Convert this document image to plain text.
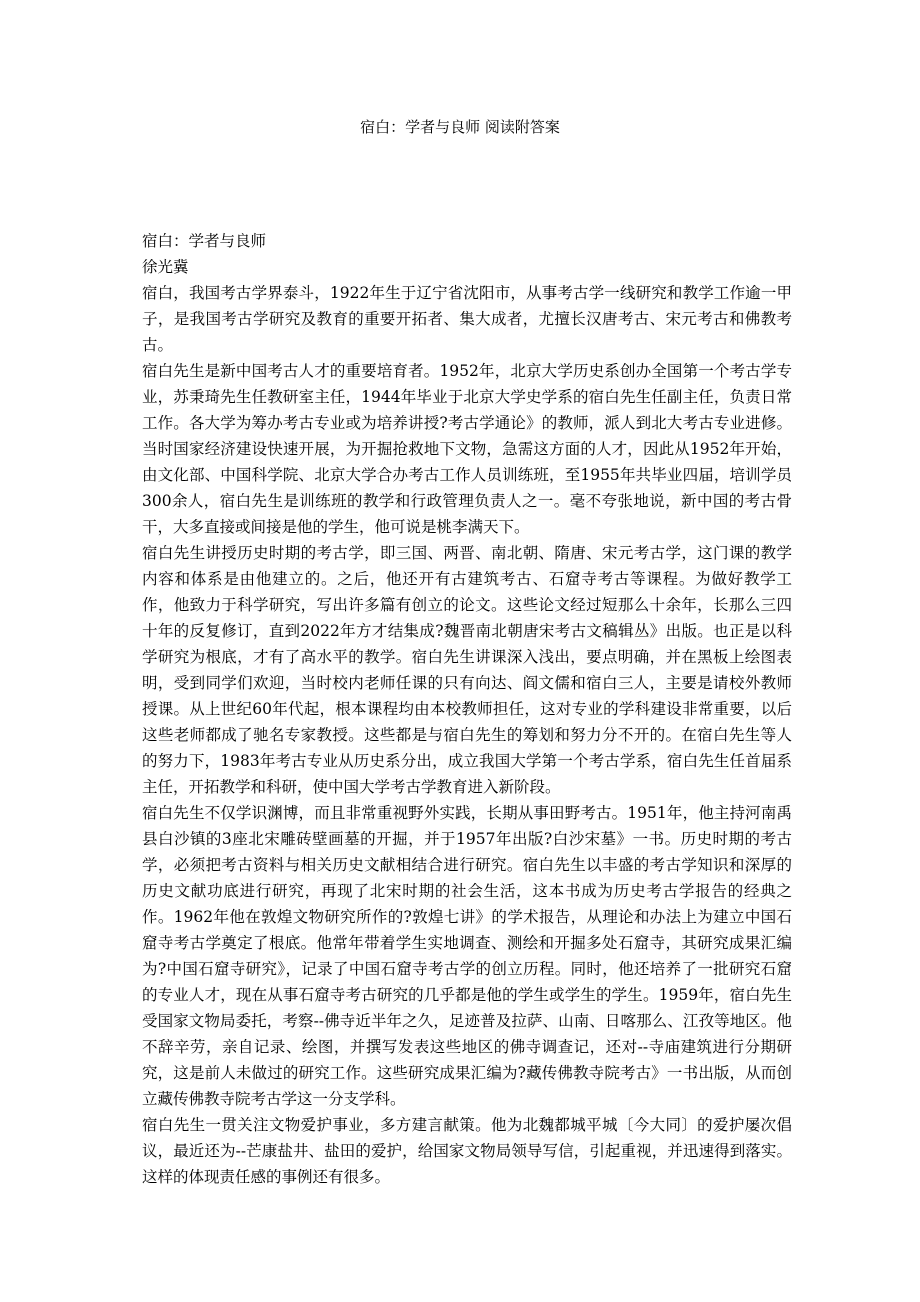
宿白：学者与良师 阅读附答案

宿白：学者与良师

徐光冀

宿白，我国考古学界泰斗，1922年生于辽宁省沈阳市，从事考古学一线研究和教学工作逾一甲子，是我国考古学研究及教育的重要开拓者、集大成者，尤擅长汉唐考古、宋元考古和佛教考古。

宿白先生是新中国考古人才的重要培育者。1952年，北京大学历史系创办全国第一个考古学专业，苏秉琦先生任教研室主任，1944年毕业于北京大学史学系的宿白先生任副主任，负责日常工作。各大学为筹办考古专业或为培养讲授?考古学通论》的教师，派人到北大考古专业进修。当时国家经济建设快速开展，为开掘抢救地下文物，急需这方面的人才，因此从1952年开始，由文化部、中国科学院、北京大学合办考古工作人员训练班，至1955年共毕业四届，培训学员300余人，宿白先生是训练班的教学和行政管理负责人之一。毫不夸张地说，新中国的考古骨干，大多直接或间接是他的学生，他可说是桃李满天下。

宿白先生讲授历史时期的考古学，即三国、两晋、南北朝、隋唐、宋元考古学，这门课的教学内容和体系是由他建立的。之后，他还开有古建筑考古、石窟寺考古等课程。为做好教学工作，他致力于科学研究，写出许多篇有创立的论文。这些论文经过短那么十余年，长那么三四十年的反复修订，直到2022年方才结集成?魏晋南北朝唐宋考古文稿辑丛》出版。也正是以科学研究为根底，才有了高水平的教学。宿白先生讲课深入浅出，要点明确，并在黑板上绘图表明，受到同学们欢迎，当时校内老师任课的只有向达、阎文儒和宿白三人，主要是请校外教师授课。从上世纪60年代起，根本课程均由本校教师担任，这对专业的学科建设非常重要，以后这些老师都成了驰名专家教授。这些都是与宿白先生的筹划和努力分不开的。在宿白先生等人的努力下，1983年考古专业从历史系分出，成立我国大学第一个考古学系，宿白先生任首届系主任，开拓教学和科研，使中国大学考古学教育进入新阶段。

宿白先生不仅学识渊博，而且非常重视野外实践，长期从事田野考古。1951年，他主持河南禹县白沙镇的3座北宋雕砖壁画墓的开掘，并于1957年出版?白沙宋墓》一书。历史时期的考古学，必须把考古资料与相关历史文献相结合进行研究。宿白先生以丰盛的考古学知识和深厚的历史文献功底进行研究，再现了北宋时期的社会生活，这本书成为历史考古学报告的经典之作。1962年他在敦煌文物研究所作的?敦煌七讲》的学术报告，从理论和办法上为建立中国石窟寺考古学奠定了根底。他常年带着学生实地调查、测绘和开掘多处石窟寺，其研究成果汇编为?中国石窟寺研究》，记录了中国石窟寺考古学的创立历程。同时，他还培养了一批研究石窟的专业人才，现在从事石窟寺考古研究的几乎都是他的学生或学生的学生。1959年，宿白先生受国家文物局委托，考察--佛寺近半年之久，足迹普及拉萨、山南、日喀那么、江孜等地区。他不辞辛劳，亲自记录、绘图，并撰写发表这些地区的佛寺调查记，还对--寺庙建筑进行分期研究，这是前人未做过的研究工作。这些研究成果汇编为?藏传佛教寺院考古》一书出版，从而创立藏传佛教寺院考古学这一分支学科。

宿白先生一贯关注文物爱护事业，多方建言献策。他为北魏都城平城〔今大同〕的爱护屡次倡议，最近还为--芒康盐井、盐田的爱护，给国家文物局领导写信，引起重视，并迅速得到落实。这样的体现责任感的事例还有很多。
